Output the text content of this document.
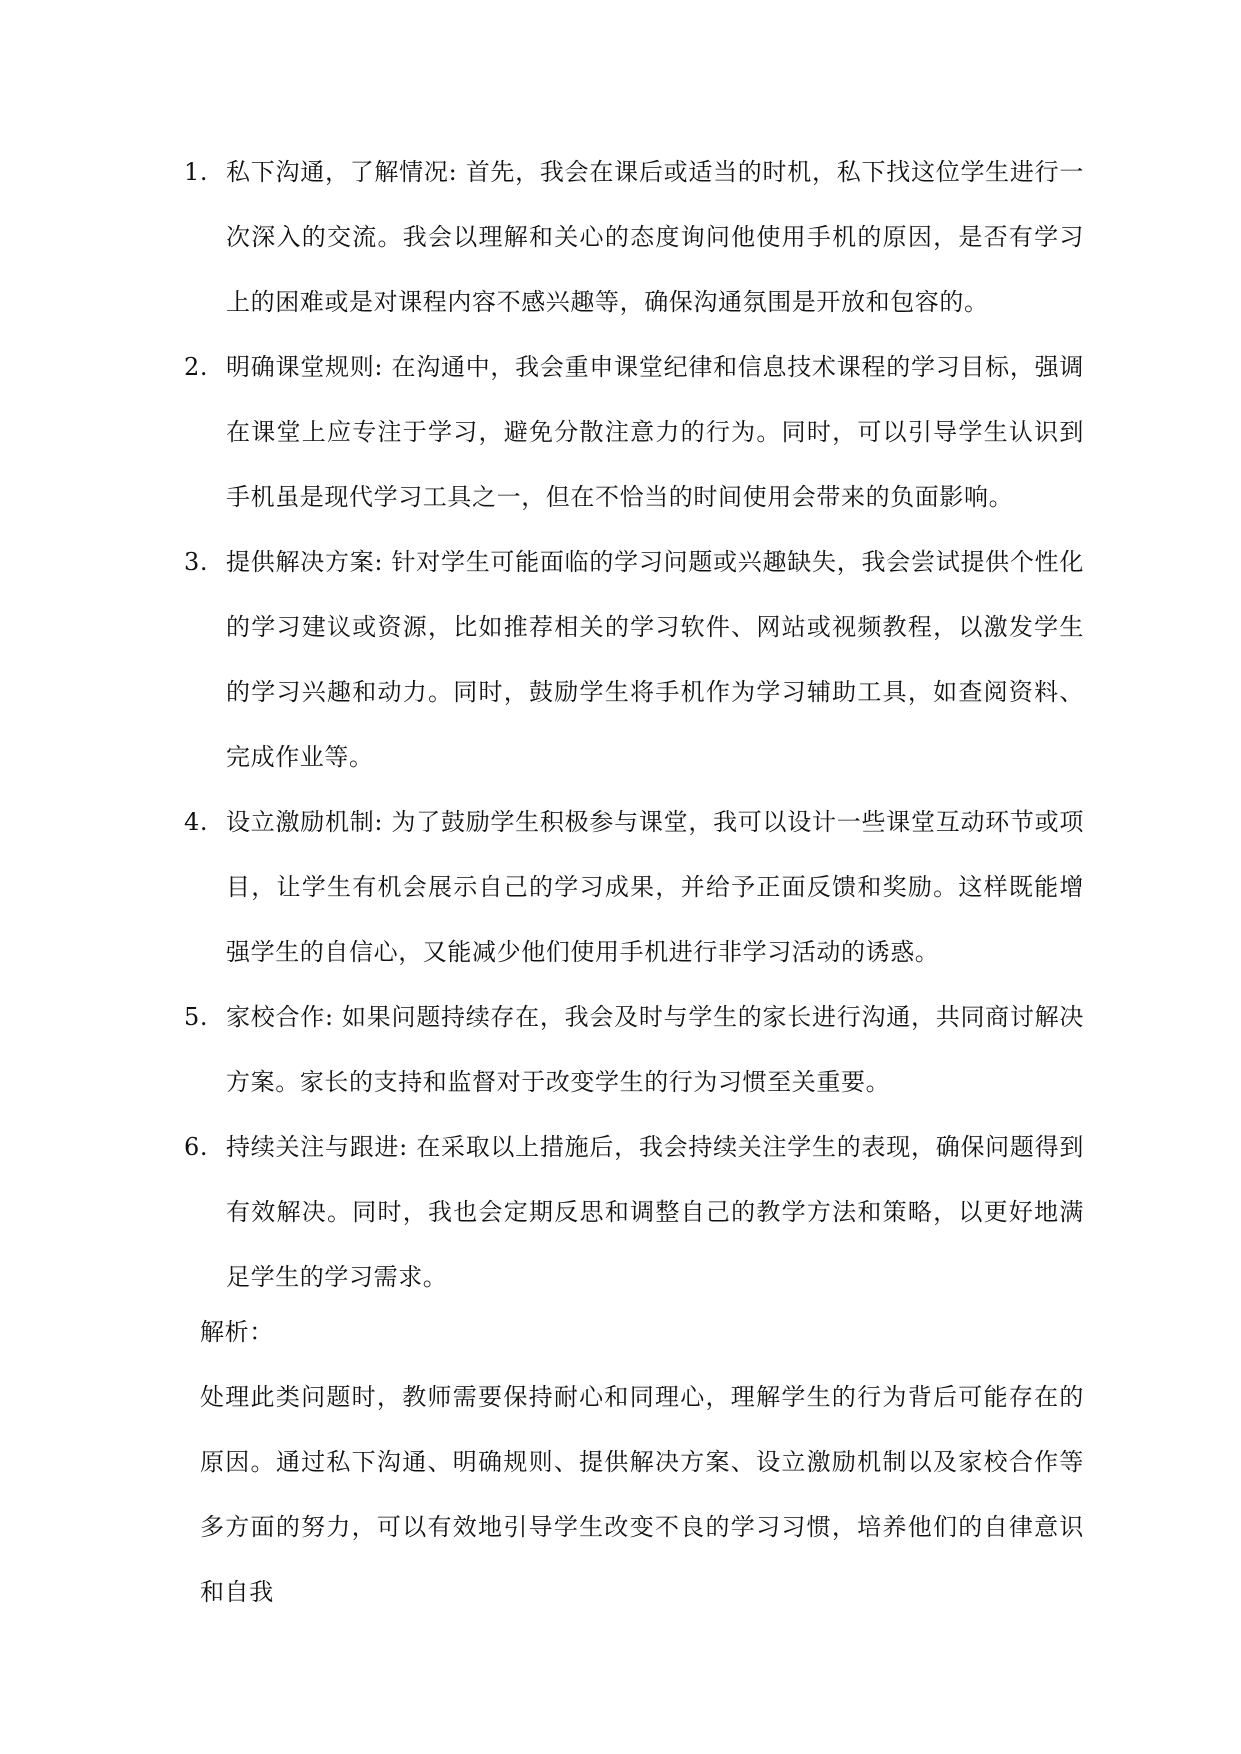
1. 私下沟通，了解情况: 首先，我会在课后或适当的时机，私下找这位学生进行一次深入的交流。我会以理解和关心的态度询问他使用手机的原因，是否有学习上的困难或是对课程内容不感兴趣等，确保沟通氛围是开放和包容的。
2. 明确课堂规则: 在沟通中，我会重申课堂纪律和信息技术课程的学习目标，强调在课堂上应专注于学习，避免分散注意力的行为。同时，可以引导学生认识到手机虽是现代学习工具之一，但在不恰当的时间使用会带来的负面影响。
3. 提供解决方案: 针对学生可能面临的学习问题或兴趣缺失，我会尝试提供个性化的学习建议或资源，比如推荐相关的学习软件、网站或视频教程，以激发学生的学习兴趣和动力。同时，鼓励学生将手机作为学习辅助工具，如查阅资料、完成作业等。
4. 设立激励机制: 为了鼓励学生积极参与课堂，我可以设计一些课堂互动环节或项目，让学生有机会展示自己的学习成果，并给予正面反馈和奖励。这样既能增强学生的自信心，又能减少他们使用手机进行非学习活动的诱惑。
5. 家校合作: 如果问题持续存在，我会及时与学生的家长进行沟通，共同商讨解决方案。家长的支持和监督对于改变学生的行为习惯至关重要。
6. 持续关注与跟进: 在采取以上措施后，我会持续关注学生的表现，确保问题得到有效解决。同时，我也会定期反思和调整自己的教学方法和策略，以更好地满足学生的学习需求。
解析：
处理此类问题时，教师需要保持耐心和同理心，理解学生的行为背后可能存在的原因。通过私下沟通、明确规则、提供解决方案、设立激励机制以及家校合作等多方面的努力，可以有效地引导学生改变不良的学习习惯，培养他们的自律意识和自我
